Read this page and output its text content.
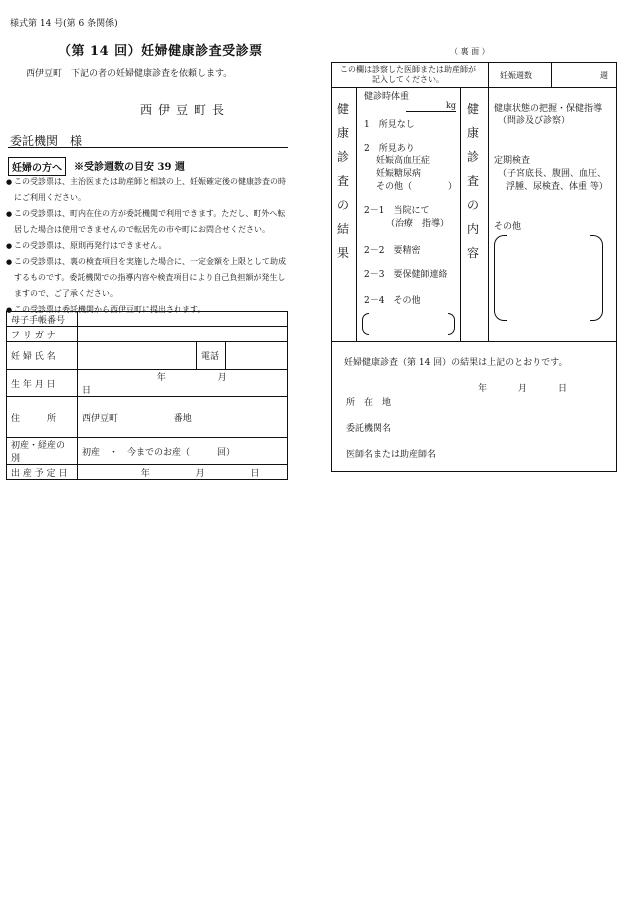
様式第 14 号(第 6 条関係)
（第 14 回）妊婦健康診査受診票
西伊豆町　下記の者の妊婦健康診査を依頼します。
西伊豆町長
委託機関　様
妊婦の方へ	※受診週数の目安 39 週
● この受診票は、主治医または助産師と相談の上、妊娠確定後の健康診査の時にご利用ください。
● この受診票は、町内在住の方が委託機関で利用できます。ただし、町外へ転居した場合は使用できませんので転居先の市や町にお問合せください。
● この受診票は、原則再発行はできません。
● この受診票は、裏の検査項目を実施した場合に、一定金額を上限として助成するものです。委託機関での指導内容や検査項目により自己負担額が発生しますので、ご了承ください。
● この受診票は委託機関から西伊豆町に提出されます。
母子手帳番号			
フ リ ガ ナ			
妊 婦 氏 名		電話	
生 年 月 日	年 月  日		
住　　　所	西伊豆町 番地		
初産・経産の別	初産　・　今までのお産（　　　回）		
出 産 予 定 日	年 月 日		
（ 裏 面 ）
この欄は診察した医師または助産師が記入してください。	妊娠週数	週
健康診査の結果
健康診査の内容
健診時体重
kg
1　所見なし
2　所見あり
妊娠高血圧症
妊娠糖尿病
その他（　　　　）
2－1　当院にて
（治療　指導）
2－2　要精密
2－3　要保健師連絡
2－4　その他
健康状態の把握・保健指導
（問診及び診察）
定期検査
（子宮底長、腹囲、血圧、
浮腫、尿検査、体重 等）
その他
妊婦健康診査（第 14 回）の結果は上記のとおりです。
年	月	日
所　在　地
委託機関名
医師名または助産師名
